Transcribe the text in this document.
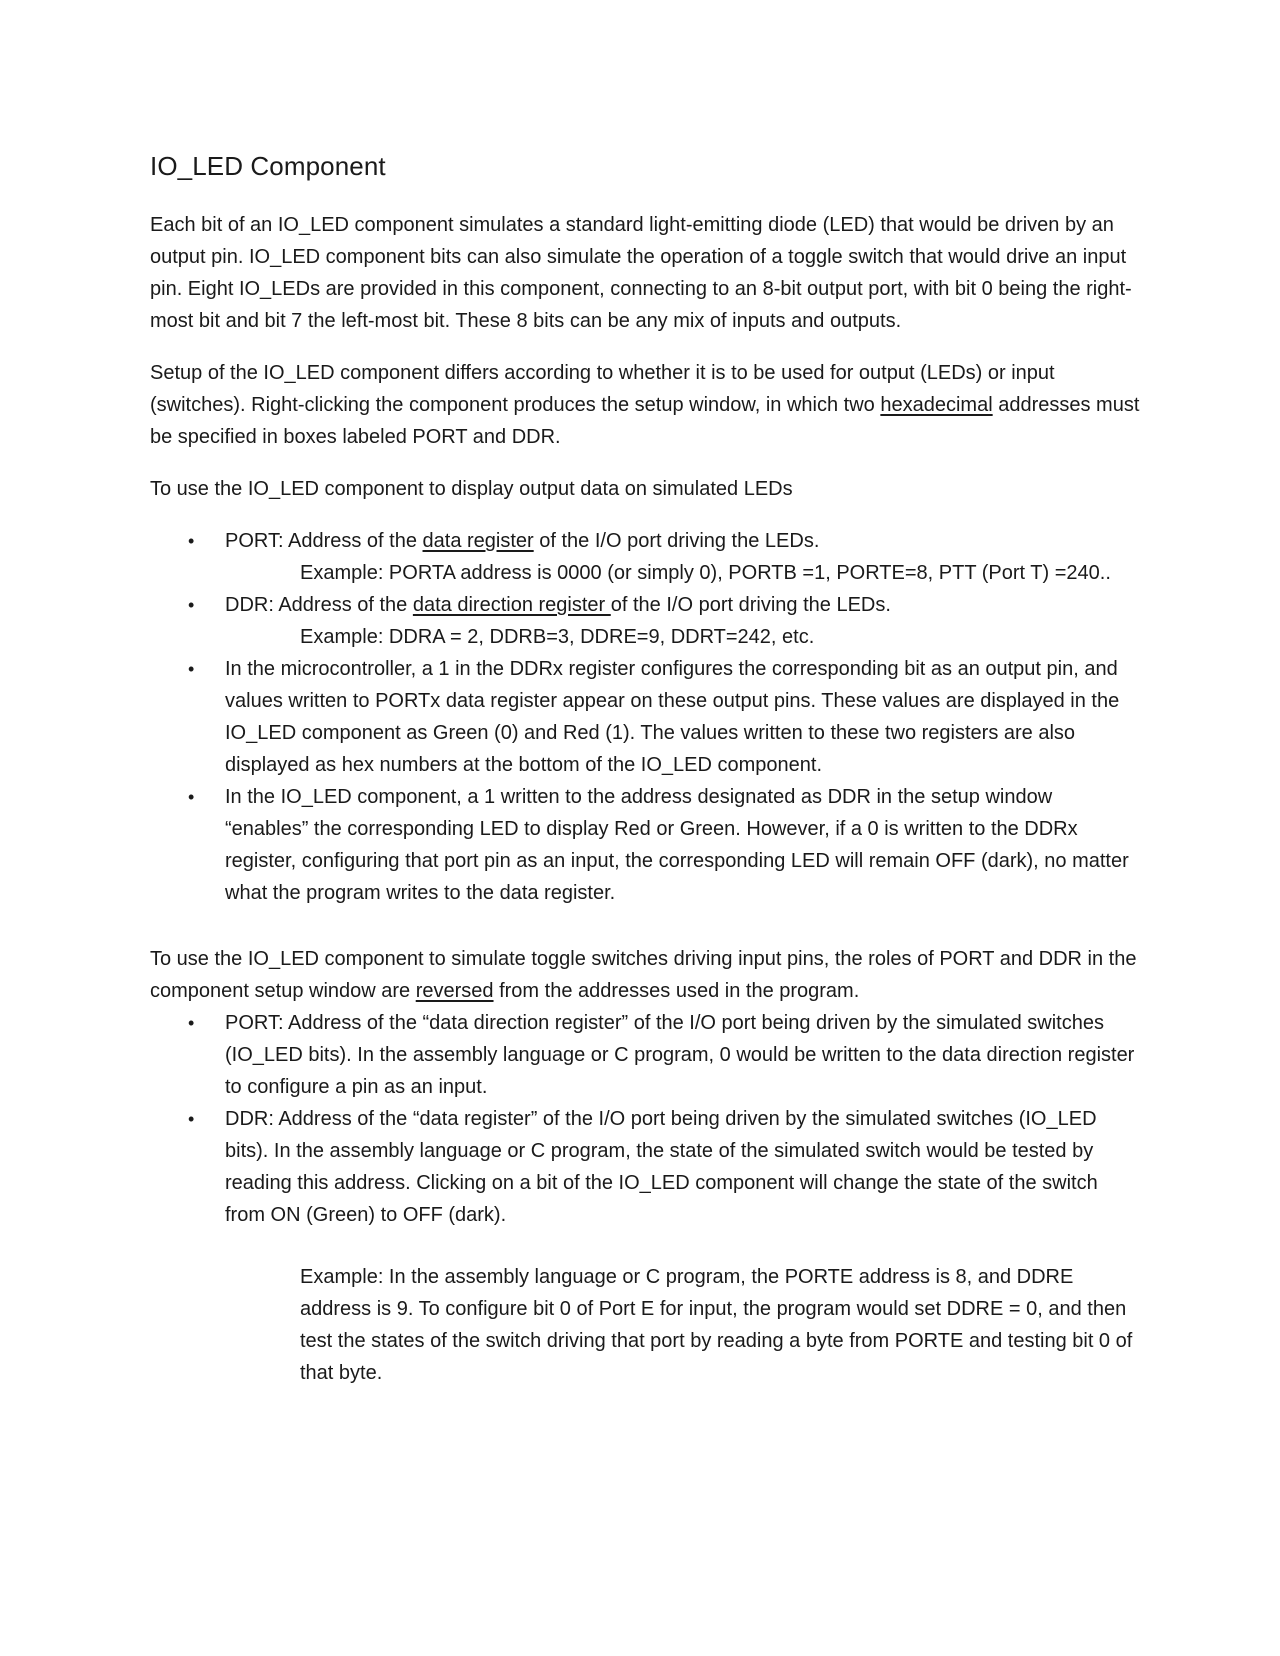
IO_LED Component

Each bit of an IO_LED component simulates a standard light-emitting diode (LED) that would be driven by an output pin. IO_LED component bits can also simulate the operation of a toggle switch that would drive an input pin. Eight IO_LEDs are provided in this component, connecting to an 8-bit output port, with bit 0 being the right-most bit and bit 7 the left-most bit. These 8 bits can be any mix of inputs and outputs.

Setup of the IO_LED component differs according to whether it is to be used for output (LEDs) or input (switches). Right-clicking the component produces the setup window, in which two hexadecimal addresses must be specified in boxes labeled PORT and DDR.

To use the IO_LED component to display output data on simulated LEDs

• PORT: Address of the data register of the I/O port driving the LEDs.
Example: PORTA address is 0000 (or simply 0), PORTB =1, PORTE=8, PTT (Port T) =240..
• DDR: Address of the data direction register of the I/O port driving the LEDs.
Example: DDRA = 2, DDRB=3, DDRE=9, DDRT=242, etc.
• In the microcontroller, a 1 in the DDRx register configures the corresponding bit as an output pin, and values written to PORTx data register appear on these output pins. These values are displayed in the IO_LED component as Green (0) and Red (1). The values written to these two registers are also displayed as hex numbers at the bottom of the IO_LED component.
• In the IO_LED component, a 1 written to the address designated as DDR in the setup window “enables” the corresponding LED to display Red or Green. However, if a 0 is written to the DDRx register, configuring that port pin as an input, the corresponding LED will remain OFF (dark), no matter what the program writes to the data register.

To use the IO_LED component to simulate toggle switches driving input pins, the roles of PORT and DDR in the component setup window are reversed from the addresses used in the program.

• PORT: Address of the “data direction register” of the I/O port being driven by the simulated switches (IO_LED bits). In the assembly language or C program, 0 would be written to the data direction register to configure a pin as an input.
• DDR: Address of the “data register” of the I/O port being driven by the simulated switches (IO_LED bits). In the assembly language or C program, the state of the simulated switch would be tested by reading this address. Clicking on a bit of the IO_LED component will change the state of the switch from ON (Green) to OFF (dark).
Example: In the assembly language or C program, the PORTE address is 8, and DDRE address is 9. To configure bit 0 of Port E for input, the program would set DDRE = 0, and then test the states of the switch driving that port by reading a byte from PORTE and testing bit 0 of that byte.
